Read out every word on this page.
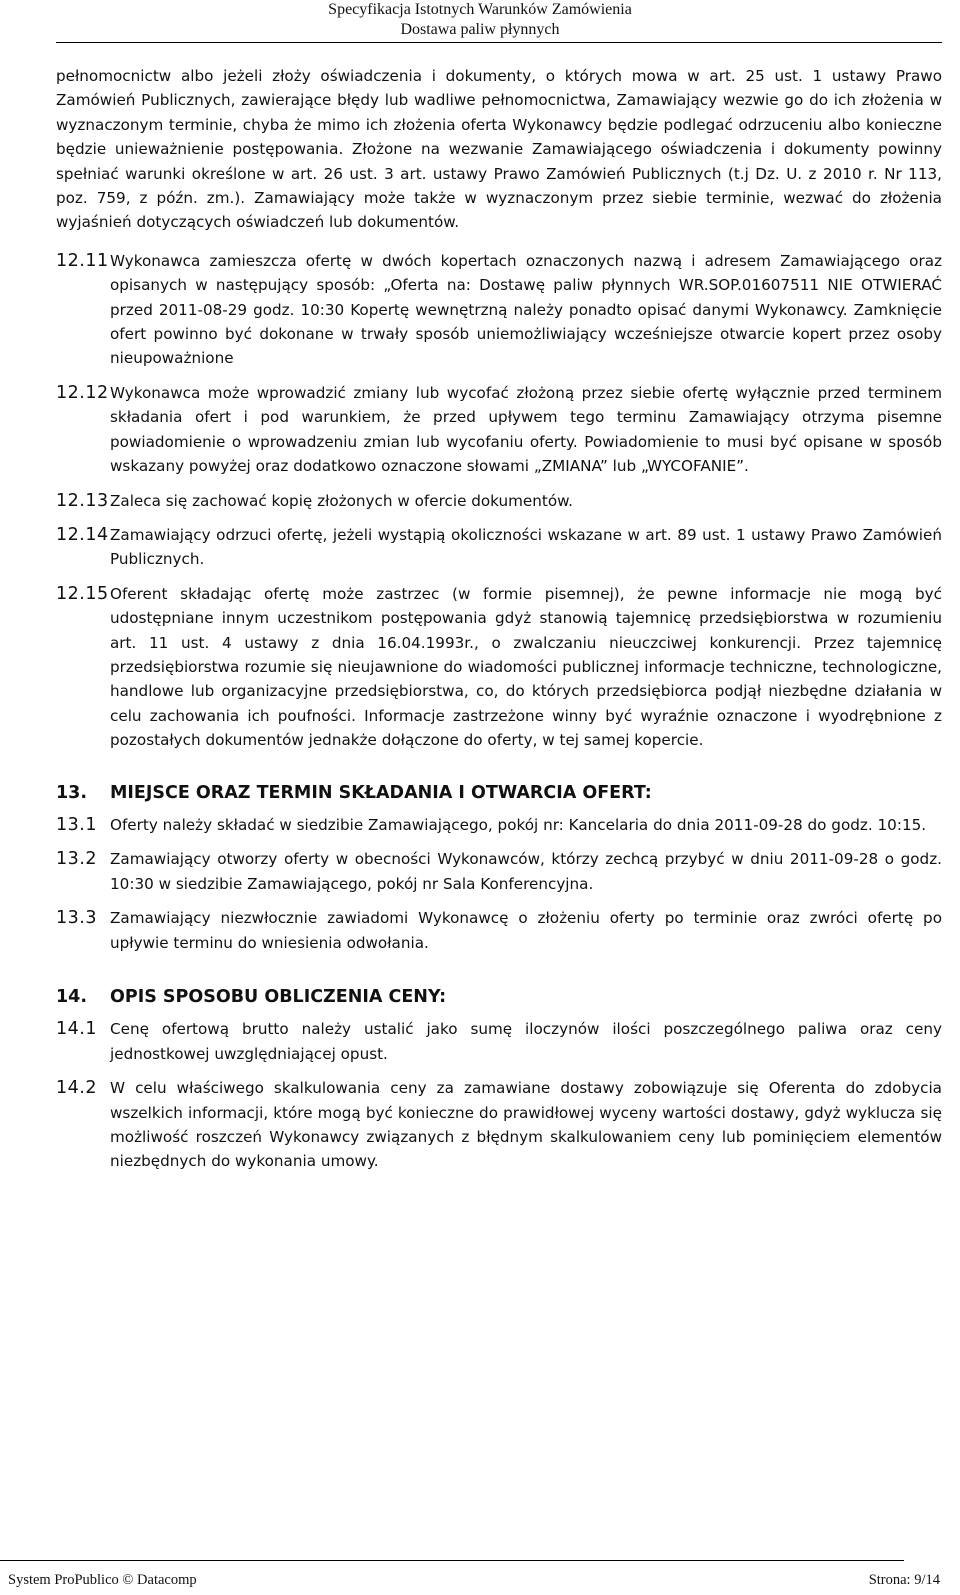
Specyfikacja Istotnych Warunków Zamówienia
Dostawa paliw płynnych

pełnomocnictw albo jeżeli złoży oświadczenia i dokumenty, o których mowa w art. 25 ust. 1 ustawy Prawo Zamówień Publicznych, zawierające błędy lub wadliwe pełnomocnictwa, Zamawiający wezwie go do ich złożenia w wyznaczonym terminie, chyba że mimo ich złożenia oferta Wykonawcy będzie podlegać odrzuceniu albo konieczne będzie unieważnienie postępowania. Złożone na wezwanie Zamawiającego oświadczenia i dokumenty powinny spełniać warunki określone w art. 26 ust. 3 art. ustawy Prawo Zamówień Publicznych (t.j Dz. U. z 2010 r. Nr 113, poz. 759, z późn. zm.). Zamawiający może także w wyznaczonym przez siebie terminie, wezwać do złożenia wyjaśnień dotyczących oświadczeń lub dokumentów.

12.11 Wykonawca zamieszcza ofertę w dwóch kopertach oznaczonych nazwą i adresem Zamawiającego oraz opisanych w następujący sposób: „Oferta na: Dostawę paliw płynnych WR.SOP.01607511 NIE OTWIERAĆ przed 2011-08-29 godz. 10:30 Kopertę wewnętrzną należy ponadto opisać danymi Wykonawcy. Zamknięcie ofert powinno być dokonane w trwały sposób uniemożliwiający wcześniejsze otwarcie kopert przez osoby nieupoważnione
12.12 Wykonawca może wprowadzić zmiany lub wycofać złożoną przez siebie ofertę wyłącznie przed terminem składania ofert i pod warunkiem, że przed upływem tego terminu Zamawiający otrzyma pisemne powiadomienie o wprowadzeniu zmian lub wycofaniu oferty. Powiadomienie to musi być opisane w sposób wskazany powyżej oraz dodatkowo oznaczone słowami „ZMIANA” lub „WYCOFANIE”.
12.13 Zaleca się zachować kopię złożonych w ofercie dokumentów.
12.14 Zamawiający odrzuci ofertę, jeżeli wystąpią okoliczności wskazane w art. 89 ust. 1 ustawy Prawo Zamówień Publicznych.
12.15 Oferent składając ofertę może zastrzec (w formie pisemnej), że pewne informacje nie mogą być udostępniane innym uczestnikom postępowania gdyż stanowią tajemnicę przedsiębiorstwa w rozumieniu art. 11 ust. 4 ustawy z dnia 16.04.1993r., o zwalczaniu nieuczciwej konkurencji. Przez tajemnicę przedsiębiorstwa rozumie się nieujawnione do wiadomości publicznej informacje techniczne, technologiczne, handlowe lub organizacyjne przedsiębiorstwa, co, do których przedsiębiorca podjął niezbędne działania w celu zachowania ich poufności. Informacje zastrzeżone winny być wyraźnie oznaczone i wyodrębnione z pozostałych dokumentów jednakże dołączone do oferty, w tej samej kopercie.
13.	MIEJSCE ORAZ TERMIN SKŁADANIA I OTWARCIA OFERT:
13.1 Oferty należy składać w siedzibie Zamawiającego, pokój nr: Kancelaria do dnia 2011-09-28 do godz. 10:15.
13.2 Zamawiający otworzy oferty w obecności Wykonawców, którzy zechcą przybyć w dniu 2011-09-28 o godz. 10:30 w siedzibie Zamawiającego, pokój nr Sala Konferencyjna.
13.3 Zamawiający niezwłocznie zawiadomi Wykonawcę o złożeniu oferty po terminie oraz zwróci ofertę po upływie terminu do wniesienia odwołania.
14.	OPIS SPOSOBU OBLICZENIA CENY:
14.1 Cenę ofertową brutto należy ustalić jako sumę iloczynów ilości poszczególnego paliwa oraz ceny jednostkowej uwzględniającej opust.
14.2 W celu właściwego skalkulowania ceny za zamawiane dostawy zobowiązuje się Oferenta do zdobycia wszelkich informacji, które mogą być konieczne do prawidłowej wyceny wartości dostawy, gdyż wyklucza się możliwość roszczeń Wykonawcy związanych z błędnym skalkulowaniem ceny lub pominięciem elementów niezbędnych do wykonania umowy.
System ProPublico © Datacomp	Strona: 9/14
